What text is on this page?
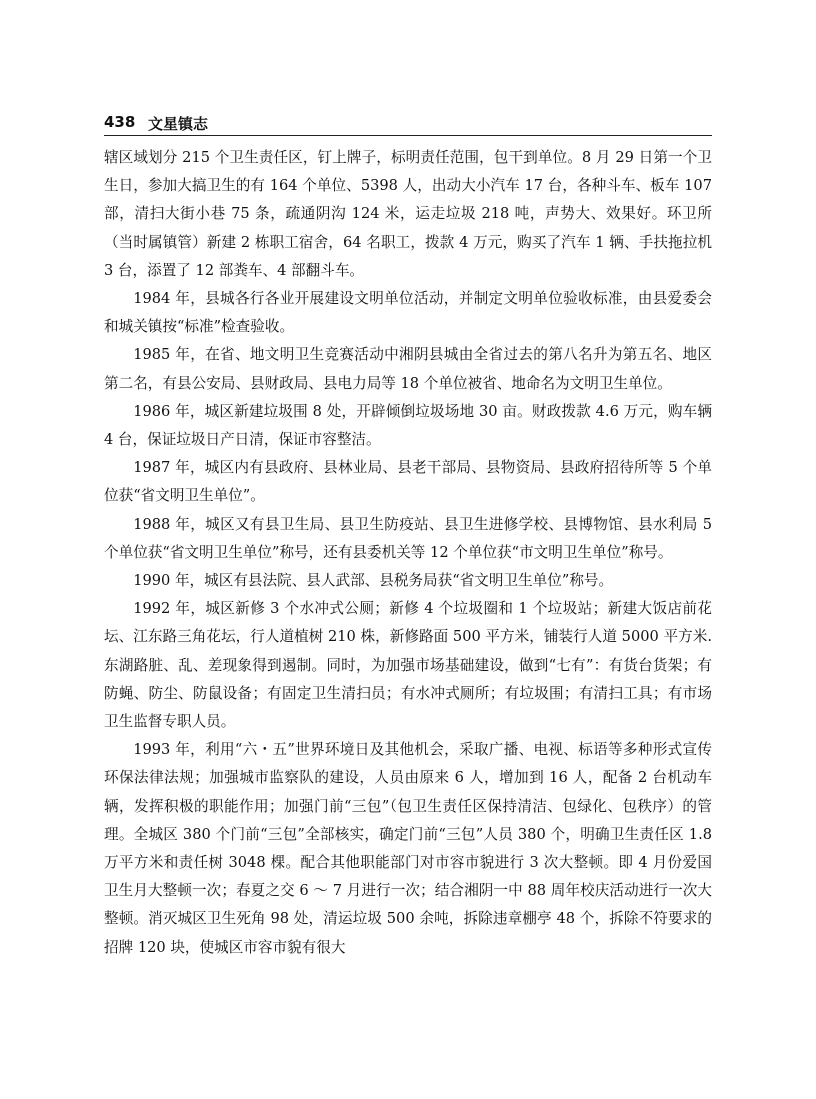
438 文星镇志

辖区域划分 215 个卫生责任区，钉上牌子，标明责任范围，包干到单位。8 月 29 日第一个卫生日，参加大搞卫生的有 164 个单位、5398 人，出动大小汽车 17 台，各种斗车、板车 107 部，清扫大街小巷 75 条，疏通阴沟 124 米，运走垃圾 218 吨，声势大、效果好。环卫所（当时属镇管）新建 2 栋职工宿舍，64 名职工，拨款 4 万元，购买了汽车 1 辆、手扶拖拉机 3 台，添置了 12 部粪车、4 部翻斗车。

1984 年，县城各行各业开展建设文明单位活动，并制定文明单位验收标准，由县爱委会和城关镇按“标准”检查验收。

1985 年，在省、地文明卫生竞赛活动中湘阴县城由全省过去的第八名升为第五名、地区第二名，有县公安局、县财政局、县电力局等 18 个单位被省、地命名为文明卫生单位。

1986 年，城区新建垃圾围 8 处，开辟倾倒垃圾场地 30 亩。财政拨款 4.6 万元，购车辆 4 台，保证垃圾日产日清，保证市容整洁。

1987 年，城区内有县政府、县林业局、县老干部局、县物资局、县政府招待所等 5 个单位获“省文明卫生单位”。

1988 年，城区又有县卫生局、县卫生防疫站、县卫生进修学校、县博物馆、县水利局 5 个单位获“省文明卫生单位”称号，还有县委机关等 12 个单位获“市文明卫生单位”称号。

1990 年，城区有县法院、县人武部、县税务局获“省文明卫生单位”称号。

1992 年，城区新修 3 个水冲式公厕；新修 4 个垃圾圈和 1 个垃圾站；新建大饭店前花坛、江东路三角花坛，行人道植树 210 株，新修路面 500 平方米，铺装行人道 5000 平方米. 东湖路脏、乱、差现象得到遏制。同时，为加强市场基础建设，做到“七有”：有货台货架；有防蝇、防尘、防鼠设备；有固定卫生清扫员；有水冲式厕所；有垃圾围；有清扫工具；有市场卫生监督专职人员。

1993 年，利用“六・五”世界环境日及其他机会，采取广播、电视、标语等多种形式宣传环保法律法规；加强城市监察队的建设，人员由原来 6 人，增加到 16 人，配备 2 台机动车辆，发挥积极的职能作用；加强门前“三包”（包卫生责任区保持清洁、包绿化、包秩序）的管理。全城区 380 个门前“三包”全部核实，确定门前“三包”人员 380 个，明确卫生责任区 1.8 万平方米和责任树 3048 棵。配合其他职能部门对市容市貌进行 3 次大整顿。即 4 月份爱国卫生月大整顿一次；春夏之交 6 ～ 7 月进行一次；结合湘阴一中 88 周年校庆活动进行一次大整顿。消灭城区卫生死角 98 处，清运垃圾 500 余吨，拆除违章棚亭 48 个，拆除不符要求的招牌 120 块，使城区市容市貌有很大
